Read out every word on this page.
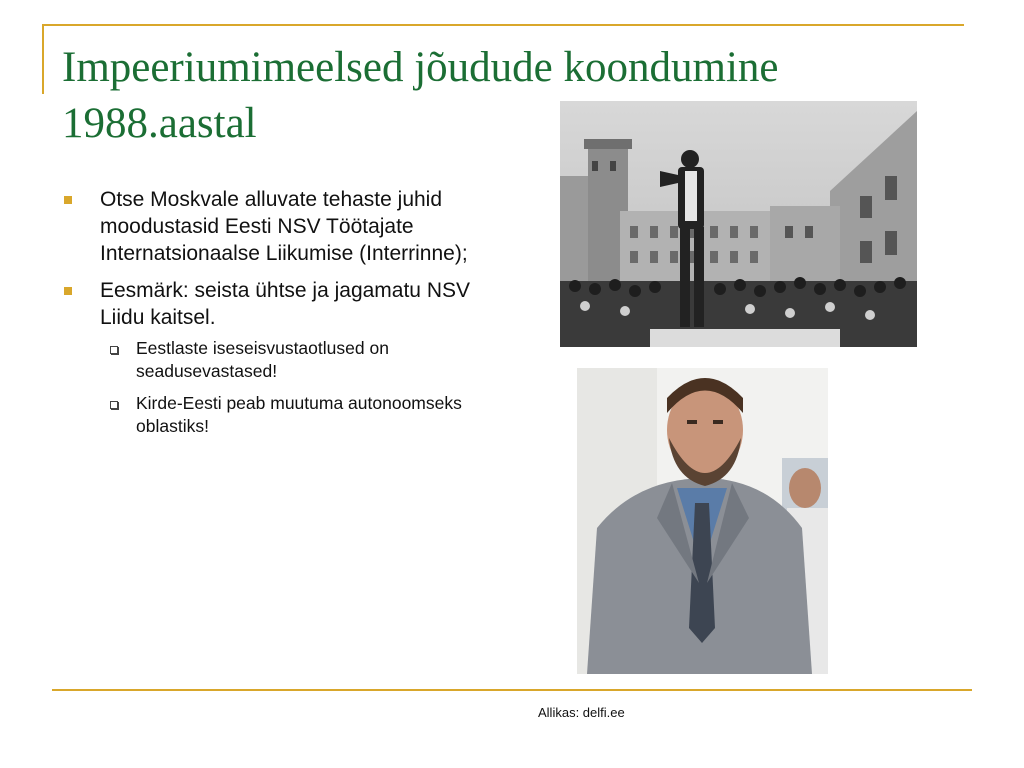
Impeeriumimeelsed jõudude koondumine 1988.aastal
Otse Moskvale alluvate tehaste juhid moodustasid Eesti NSV Töötajate Internatsionaalse Liikumise (Interrinne);
Eesmärk: seista ühtse ja jagamatu NSV Liidu kaitsel.
Eestlaste iseseisvustaotlused on seadusevastased!
Kirde-Eesti peab muutuma autonoomseks oblastiks!
Allikas: delfi.ee
